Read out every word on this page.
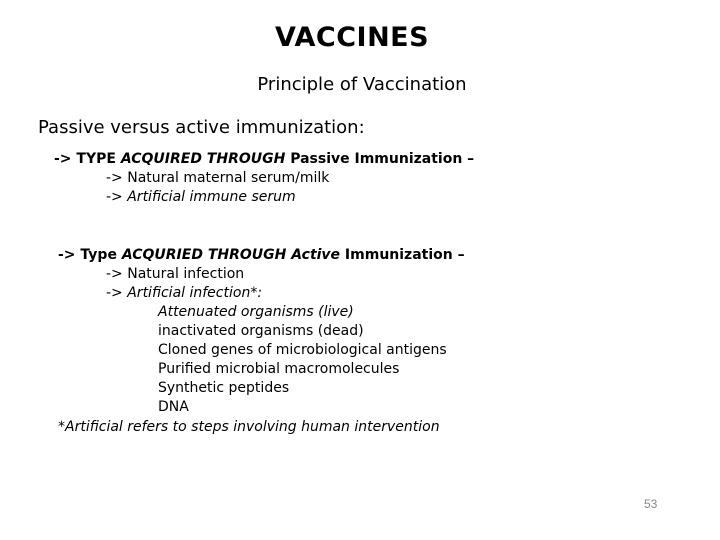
VACCINES
Principle of Vaccination
Passive versus active immunization:
-> TYPE ACQUIRED THROUGH Passive Immunization –
-> Natural maternal serum/milk
-> Artificial immune serum
-> Type ACQURIED THROUGH Active Immunization –
-> Natural infection
-> Artificial infection*:
Attenuated organisms (live)
inactivated organisms (dead)
Cloned genes of microbiological antigens
Purified microbial macromolecules
Synthetic peptides
DNA
*Artificial refers to steps involving human intervention
53
